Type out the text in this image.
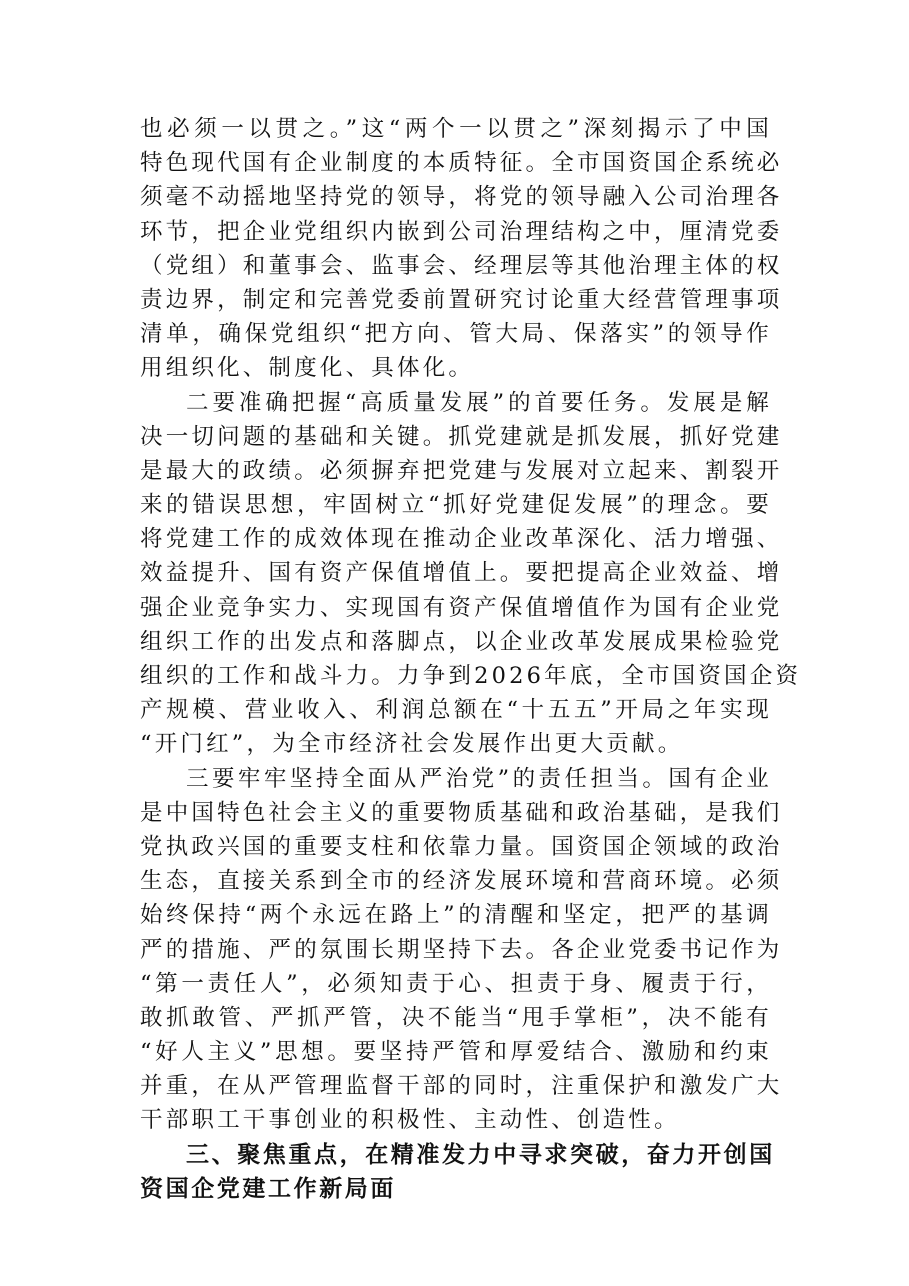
也必须一以贯之。”这“两个一以贯之”深刻揭示了中国
特色现代国有企业制度的本质特征。全市国资国企系统必
须毫不动摇地坚持党的领导，将党的领导融入公司治理各
环节，把企业党组织内嵌到公司治理结构之中，厘清党委
（党组）和董事会、监事会、经理层等其他治理主体的权
责边界，制定和完善党委前置研究讨论重大经营管理事项
清单，确保党组织“把方向、管大局、保落实”的领导作
用组织化、制度化、具体化。
二要准确把握“高质量发展”的首要任务。发展是解
决一切问题的基础和关键。抓党建就是抓发展，抓好党建
是最大的政绩。必须摒弃把党建与发展对立起来、割裂开
来的错误思想，牢固树立“抓好党建促发展”的理念。要
将党建工作的成效体现在推动企业改革深化、活力增强、
效益提升、国有资产保值增值上。要把提高企业效益、增
强企业竞争实力、实现国有资产保值增值作为国有企业党
组织工作的出发点和落脚点，以企业改革发展成果检验党
组织的工作和战斗力。力争到2026年底，全市国资国企资
产规模、营业收入、利润总额在“十五五”开局之年实现
“开门红”，为全市经济社会发展作出更大贡献。
三要牢牢坚持全面从严治党”的责任担当。国有企业
是中国特色社会主义的重要物质基础和政治基础，是我们
党执政兴国的重要支柱和依靠力量。国资国企领域的政治
生态，直接关系到全市的经济发展环境和营商环境。必须
始终保持“两个永远在路上”的清醒和坚定，把严的基调
严的措施、严的氛围长期坚持下去。各企业党委书记作为
“第一责任人”，必须知责于心、担责于身、履责于行，
敢抓敢管、严抓严管，决不能当“甩手掌柜”，决不能有
“好人主义”思想。要坚持严管和厚爱结合、激励和约束
并重，在从严管理监督干部的同时，注重保护和激发广大
干部职工干事创业的积极性、主动性、创造性。
三、聚焦重点，在精准发力中寻求突破，奋力开创国
资国企党建工作新局面
